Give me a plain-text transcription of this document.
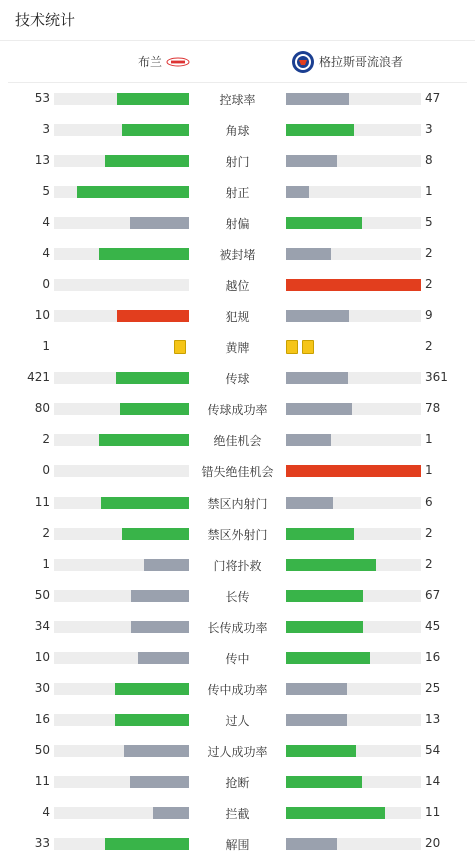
技术统计
布兰	格拉斯哥流浪者
53	控球率	47
3	角球	3
13	射门	8
5	射正	1
4	射偏	5
4	被封堵	2
0	越位	2
10	犯规	9
1	黄牌	2
421	传球	361
80	传球成功率	78
2	绝佳机会	1
0	错失绝佳机会	1
11	禁区内射门	6
2	禁区外射门	2
1	门将扑救	2
50	长传	67
34	长传成功率	45
10	传中	16
30	传中成功率	25
16	过人	13
50	过人成功率	54
11	抢断	14
4	拦截	11
33	解围	20
